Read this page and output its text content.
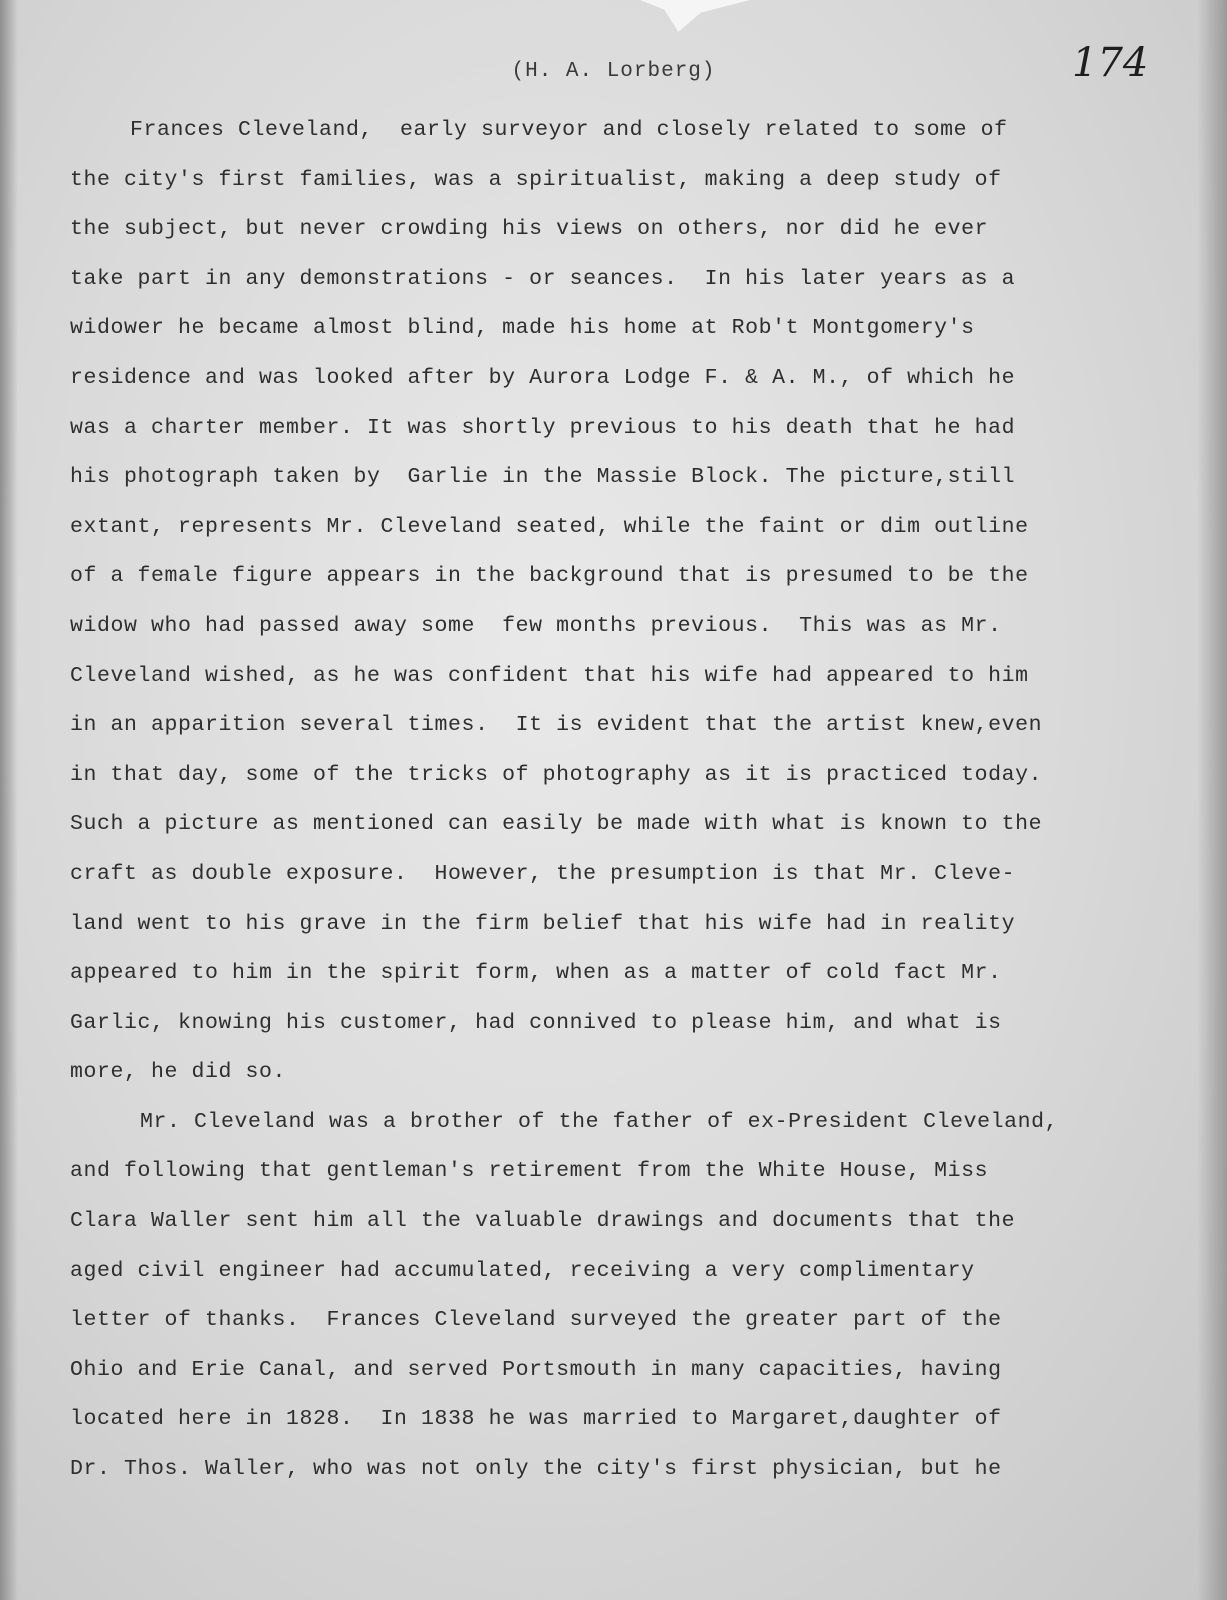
(H. A. Lorberg)	174
Frances Cleveland,  early surveyor and closely related to some of
the city's first families, was a spiritualist, making a deep study of
the subject, but never crowding his views on others, nor did he ever
take part in any demonstrations - or seances.  In his later years as a
widower he became almost blind, made his home at Rob't Montgomery's
residence and was looked after by Aurora Lodge F. & A. M., of which he
was a charter member. It was shortly previous to his death that he had
his photograph taken by  Garlie in the Massie Block. The picture,still
extant, represents Mr. Cleveland seated, while the faint or dim outline
of a female figure appears in the background that is presumed to be the
widow who had passed away some  few months previous.  This was as Mr.
Cleveland wished, as he was confident that his wife had appeared to him
in an apparition several times.  It is evident that the artist knew,even
in that day, some of the tricks of photography as it is practiced today.
Such a picture as mentioned can easily be made with what is known to the
craft as double exposure.  However, the presumption is that Mr. Cleve-
land went to his grave in the firm belief that his wife had in reality
appeared to him in the spirit form, when as a matter of cold fact Mr.
Garlic, knowing his customer, had connived to please him, and what is
more, he did so.
Mr. Cleveland was a brother of the father of ex-President Cleveland,
and following that gentleman's retirement from the White House, Miss
Clara Waller sent him all the valuable drawings and documents that the
aged civil engineer had accumulated, receiving a very complimentary
letter of thanks.  Frances Cleveland surveyed the greater part of the
Ohio and Erie Canal, and served Portsmouth in many capacities, having
located here in 1828.  In 1838 he was married to Margaret,daughter of
Dr. Thos. Waller, who was not only the city's first physician, but he
